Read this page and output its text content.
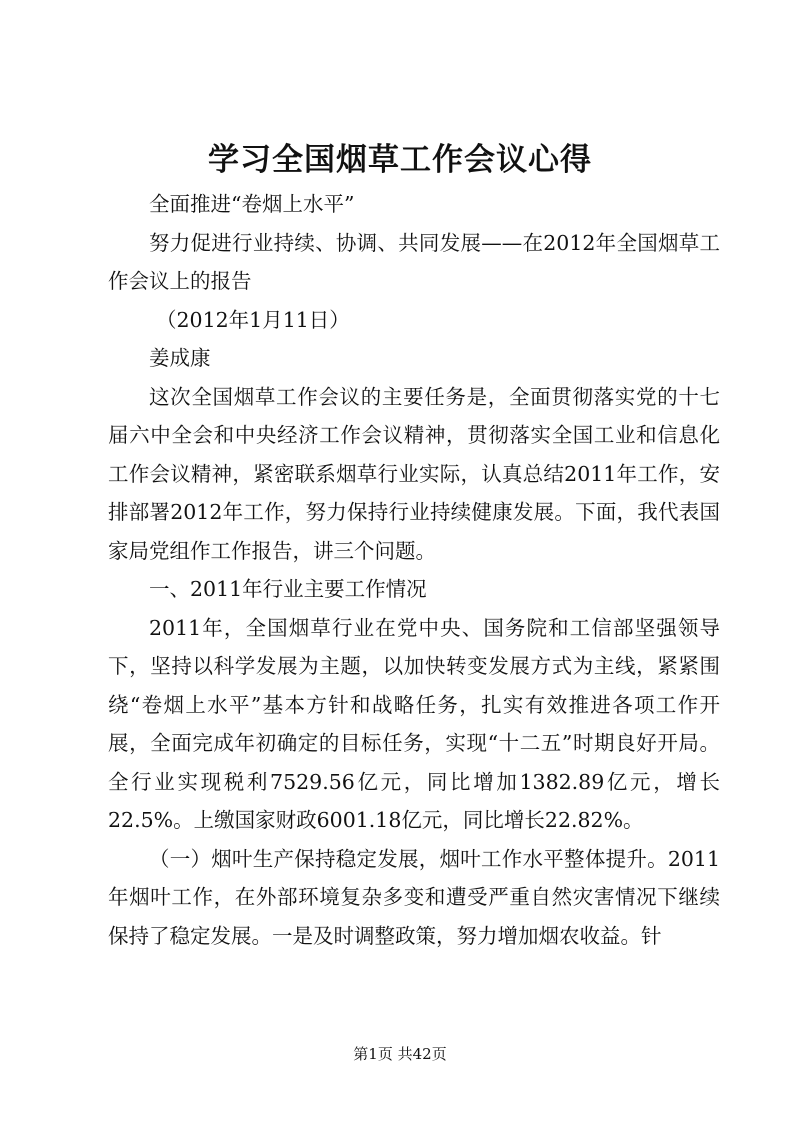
学习全国烟草工作会议心得

全面推进“卷烟上水平”

努力促进行业持续、协调、共同发展——在2012年全国烟草工作会议上的报告

（2012年1月11日）

姜成康

这次全国烟草工作会议的主要任务是，全面贯彻落实党的十七届六中全会和中央经济工作会议精神，贯彻落实全国工业和信息化工作会议精神，紧密联系烟草行业实际，认真总结2011年工作，安排部署2012年工作，努力保持行业持续健康发展。下面，我代表国家局党组作工作报告，讲三个问题。

一、2011年行业主要工作情况

2011年，全国烟草行业在党中央、国务院和工信部坚强领导下，坚持以科学发展为主题，以加快转变发展方式为主线，紧紧围绕“卷烟上水平”基本方针和战略任务，扎实有效推进各项工作开展，全面完成年初确定的目标任务，实现“十二五”时期良好开局。全行业实现税利7529.56亿元，同比增加1382.89亿元，增长22.5%。上缴国家财政6001.18亿元，同比增长22.82%。

（一）烟叶生产保持稳定发展，烟叶工作水平整体提升。2011年烟叶工作，在外部环境复杂多变和遭受严重自然灾害情况下继续保持了稳定发展。一是及时调整政策，努力增加烟农收益。针

第1页 共42页
